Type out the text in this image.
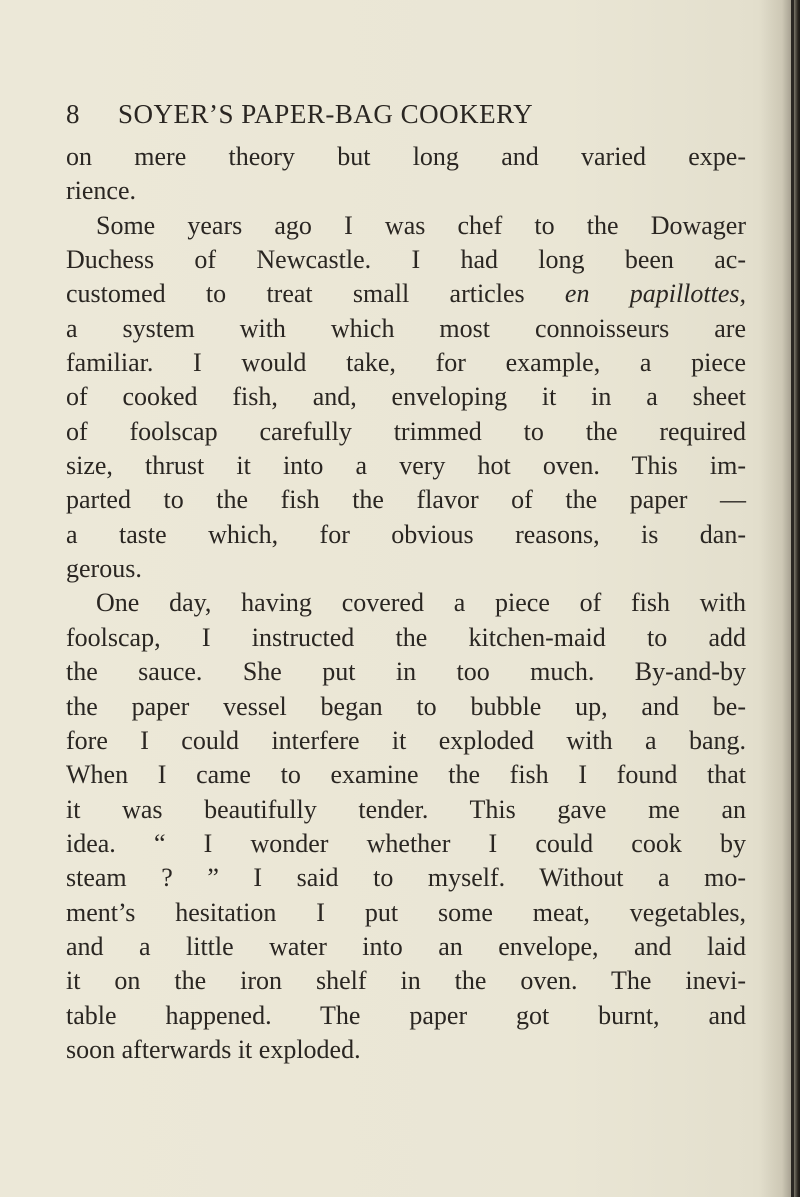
8 SOYER’S PAPER-BAG COOKERY
on mere theory but long and varied expe-
rience.
Some years ago I was chef to the Dowager
Duchess of Newcastle. I had long been ac-
customed to treat small articles en papillottes,
a system with which most connoisseurs are
familiar. I would take, for example, a piece
of cooked fish, and, enveloping it in a sheet
of foolscap carefully trimmed to the required
size, thrust it into a very hot oven. This im-
parted to the fish the flavor of the paper —
a taste which, for obvious reasons, is dan-
gerous.
One day, having covered a piece of fish with
foolscap, I instructed the kitchen-maid to add
the sauce. She put in too much. By-and-by
the paper vessel began to bubble up, and be-
fore I could interfere it exploded with a bang.
When I came to examine the fish I found that
it was beautifully tender. This gave me an
idea. “ I wonder whether I could cook by
steam ? ” I said to myself. Without a mo-
ment’s hesitation I put some meat, vegetables,
and a little water into an envelope, and laid
it on the iron shelf in the oven. The inevi-
table happened. The paper got burnt, and
soon afterwards it exploded.
